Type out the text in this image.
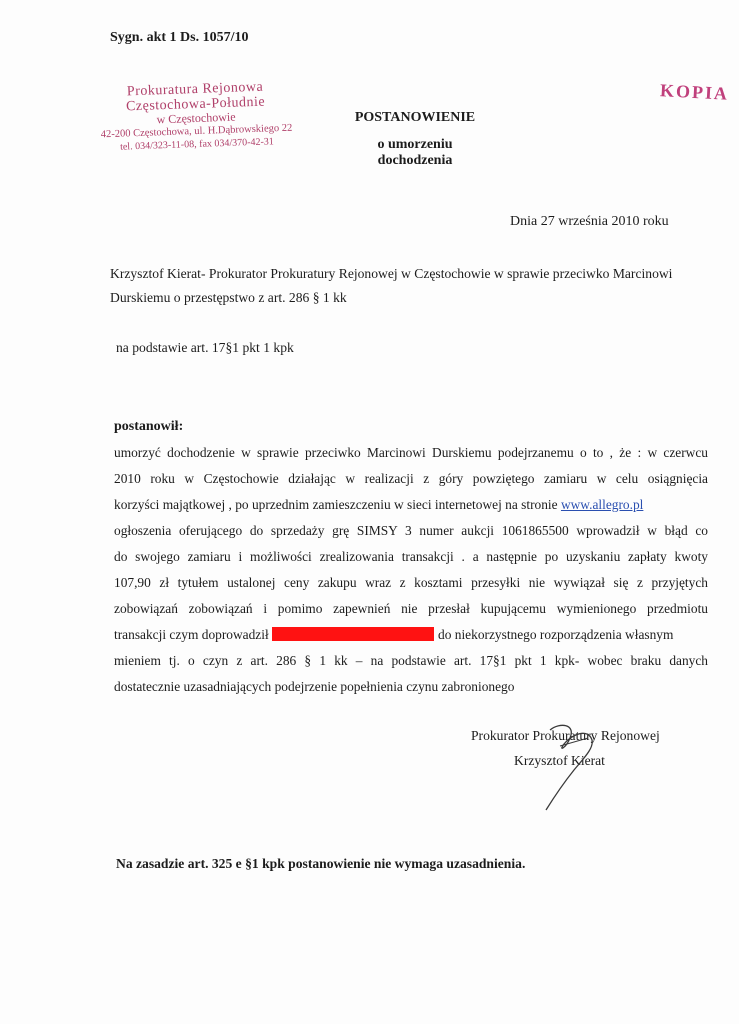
Sygn. akt 1 Ds. 1057/10
Prokuratura Rejonowa
Częstochowa-Południe
w Częstochowie
42-200 Częstochowa, ul. H.Dąbrowskiego 22
tel. 034/323-11-08, fax 034/370-42-31
KOPIA
POSTANOWIENIE
o umorzeniu dochodzenia
Dnia 27 września 2010 roku
Krzysztof Kierat- Prokurator Prokuratury Rejonowej w Częstochowie w sprawie przeciwko Marcinowi Durskiemu o przestępstwo z art. 286 § 1 kk
na podstawie art. 17§1 pkt 1 kpk
postanowił:
umorzyć dochodzenie w sprawie przeciwko Marcinowi Durskiemu podejrzanemu o to , że : w czerwcu
2010 roku w Częstochowie działając w realizacji z góry powziętego zamiaru w celu osiągnięcia
korzyści majątkowej , po uprzednim zamieszczeniu w sieci internetowej na stronie www.allegro.pl
ogłoszenia oferującego do sprzedaży grę SIMSY 3 numer aukcji 1061865500 wprowadził w błąd co
do swojego zamiaru i możliwości zrealizowania transakcji . a następnie po uzyskaniu zapłaty kwoty
107,90 zł tytułem ustalonej ceny zakupu wraz z kosztami przesyłki nie wywiązał się z przyjętych
zobowiązań zobowiązań i pomimo zapewnień nie przesłał kupującemu wymienionego przedmiotu
transakcji czym doprowadził	do niekorzystnego rozporządzenia własnym
mieniem tj. o czyn z art. 286 § 1 kk – na podstawie art. 17§1 pkt 1 kpk- wobec braku danych
dostatecznie uzasadniających podejrzenie popełnienia czynu zabronionego
Prokurator Prokuratury Rejonowej
Krzysztof Kierat
Na zasadzie art. 325 e §1 kpk postanowienie nie wymaga uzasadnienia.
